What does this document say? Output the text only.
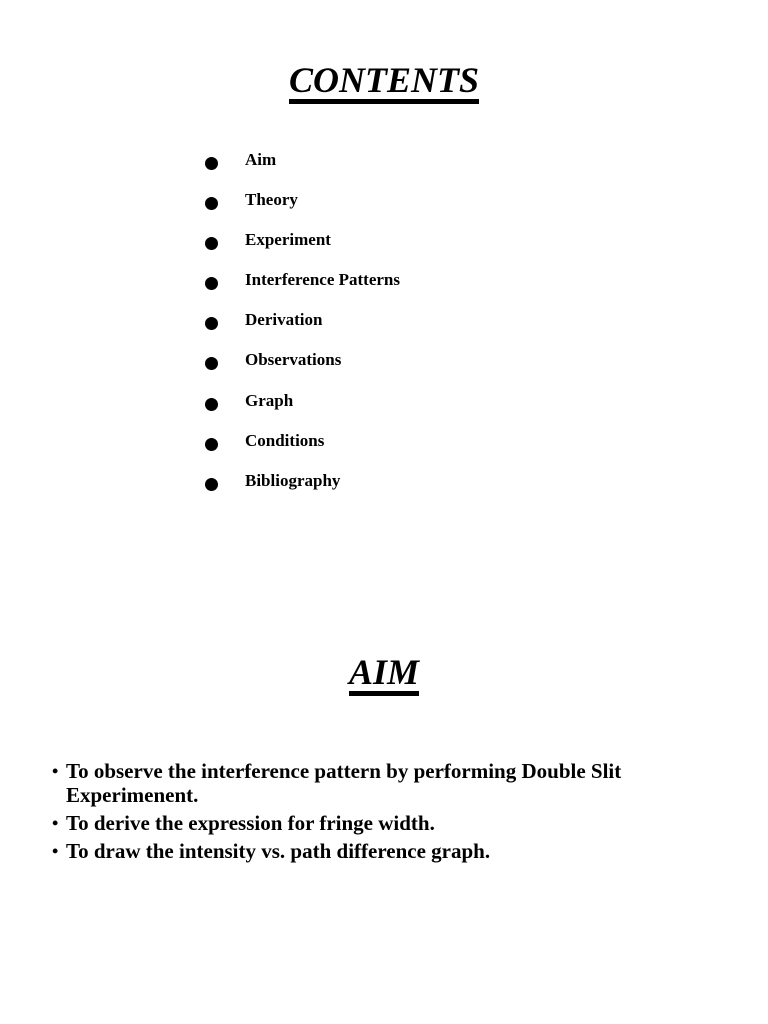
CONTENTS
Aim
Theory
Experiment
Interference Patterns
Derivation
Observations
Graph
Conditions
Bibliography
AIM
• To observe the interference pattern by performing Double Slit Experimenent.
• To derive the expression for fringe width.
• To draw the intensity vs. path difference graph.
